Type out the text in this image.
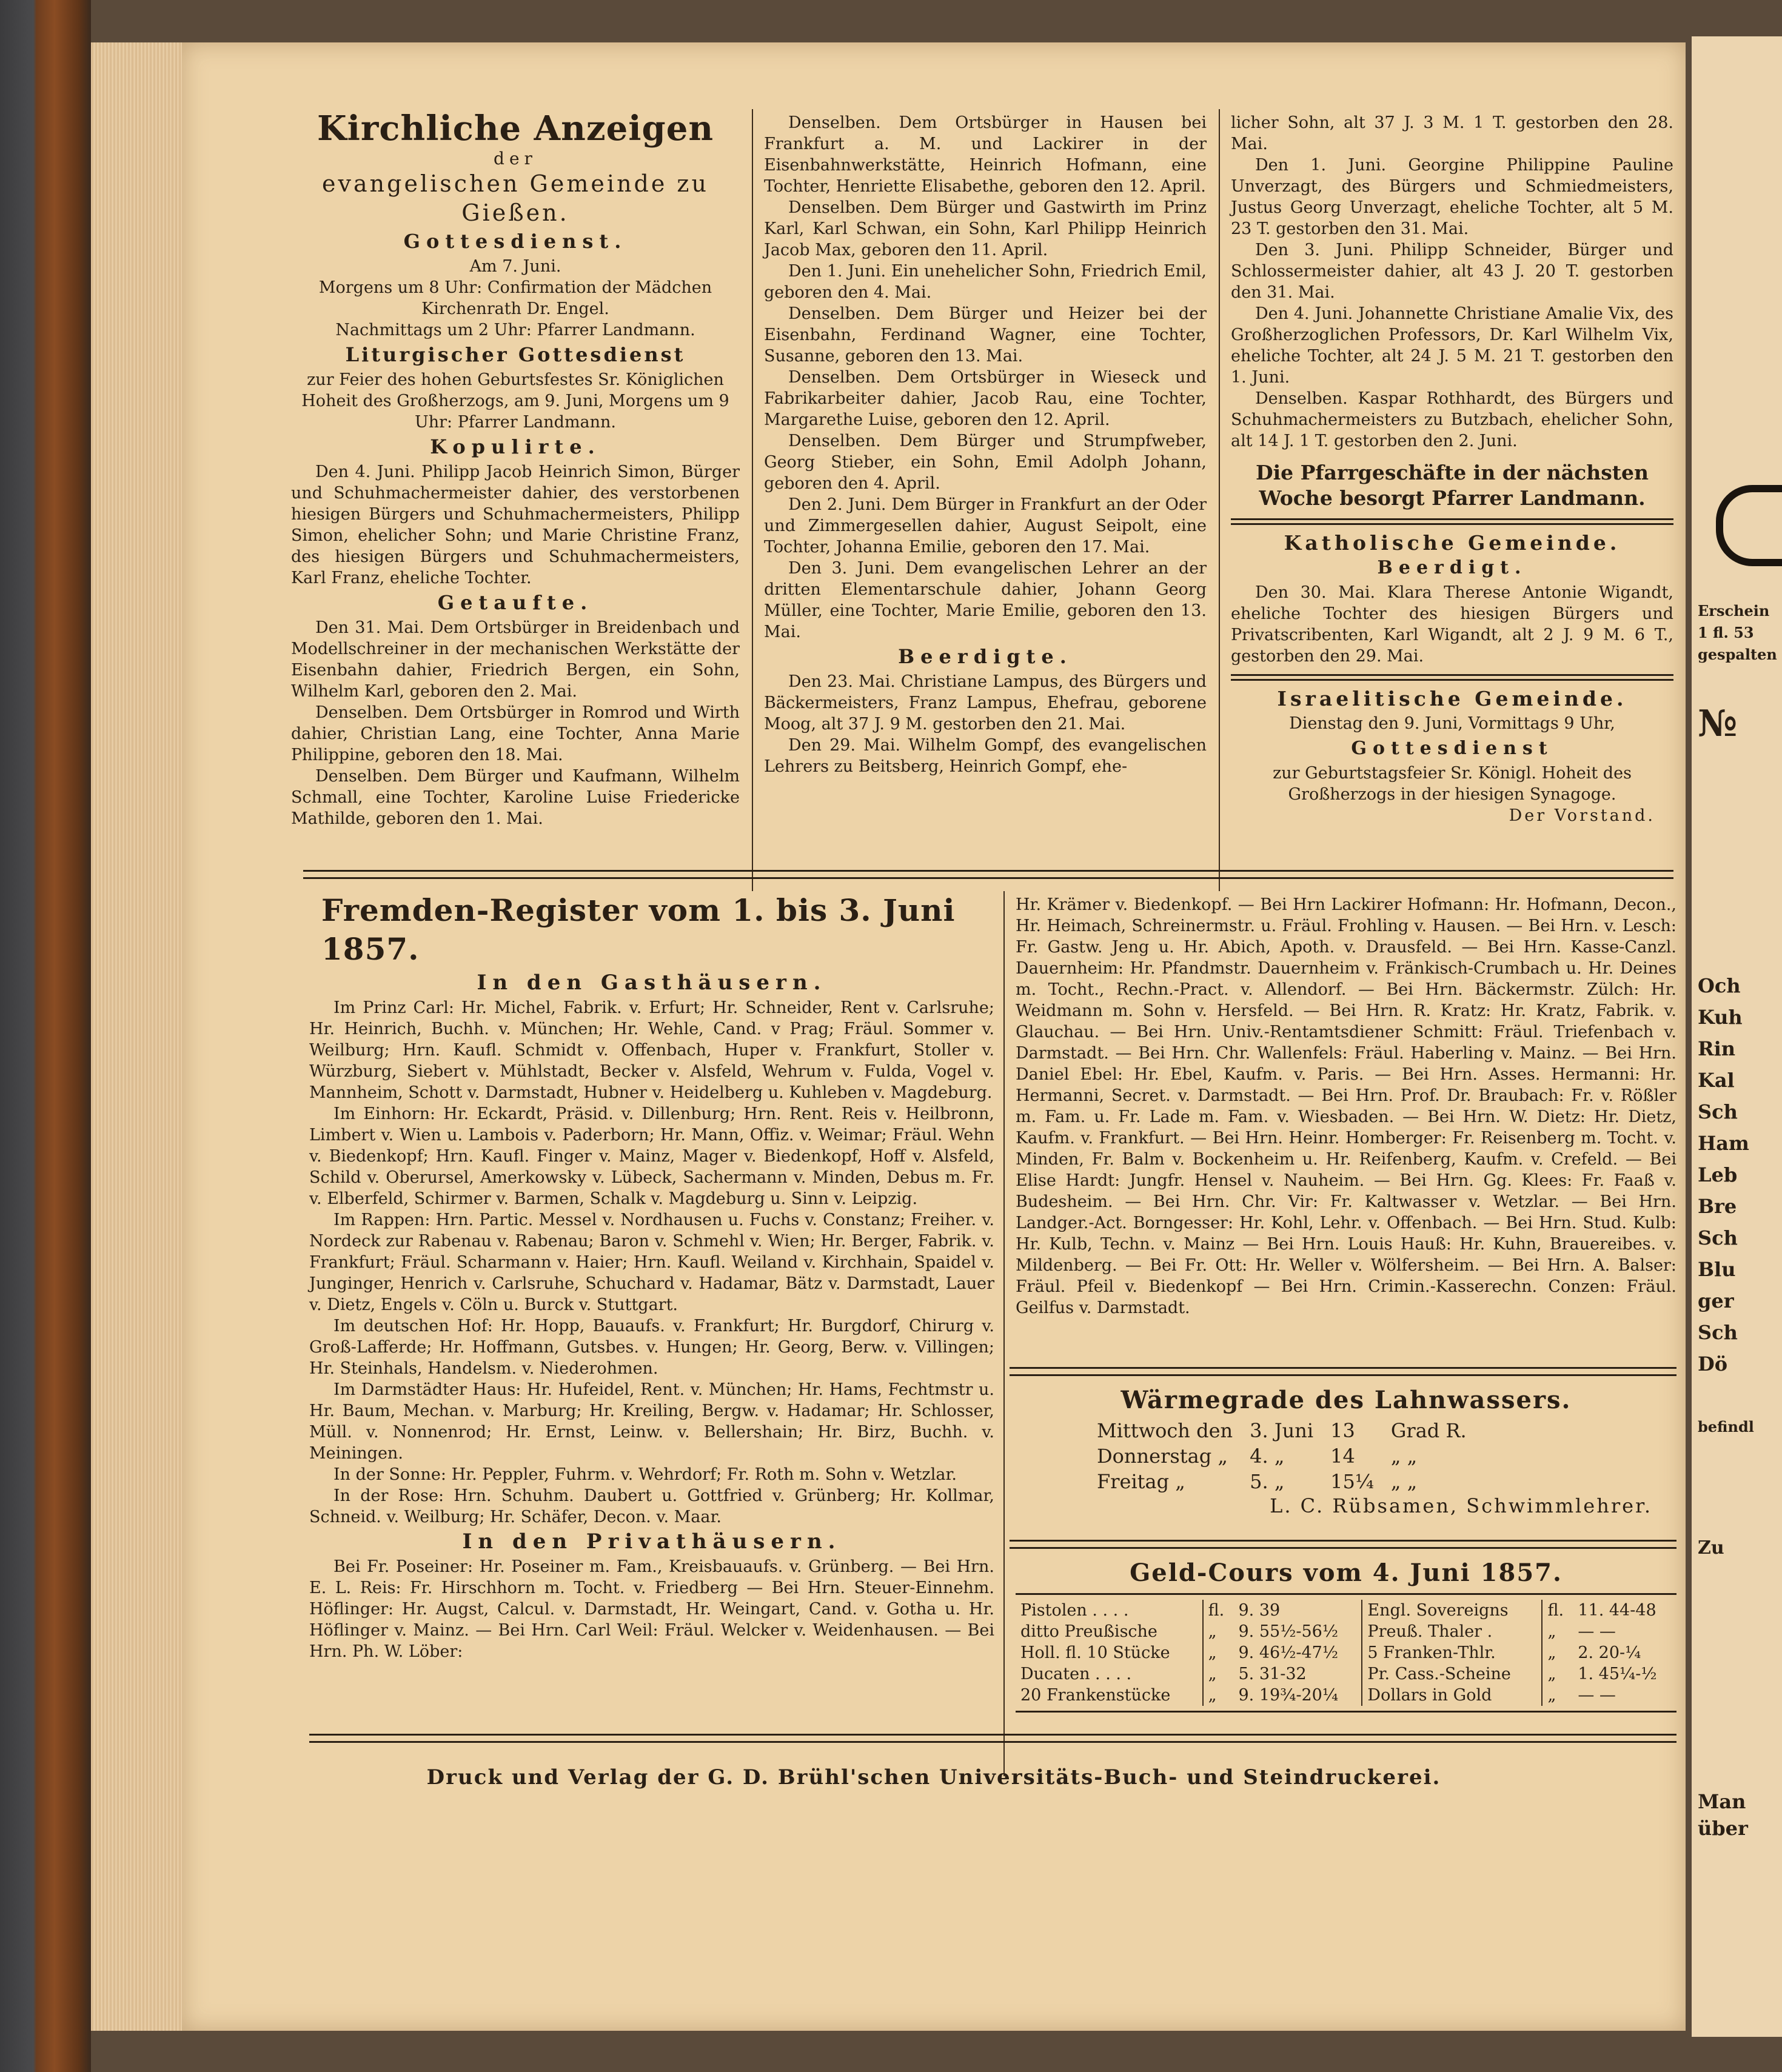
Kirchliche Anzeigen
der
evangelischen Gemeinde zu Gießen.
Gottesdienst.
Am 7. Juni.
Morgens um 8 Uhr: Confirmation der Mädchen Kirchenrath Dr. Engel.
Nachmittags um 2 Uhr: Pfarrer Landmann.
Liturgischer Gottesdienst
zur Feier des hohen Geburtsfestes Sr. Königlichen Hoheit des Großherzogs, am 9. Juni, Morgens um 9 Uhr: Pfarrer Landmann.
Kopulirte.

Den 4. Juni. Philipp Jacob Heinrich Simon, Bürger und Schuhmachermeister dahier, des verstorbenen hiesigen Bürgers und Schuhmachermeisters, Philipp Simon, ehelicher Sohn; und Marie Christine Franz, des hiesigen Bürgers und Schuhmachermeisters, Karl Franz, eheliche Tochter.

Getaufte.

Den 31. Mai. Dem Ortsbürger in Breidenbach und Modellschreiner in der mechanischen Werkstätte der Eisenbahn dahier, Friedrich Bergen, ein Sohn, Wilhelm Karl, geboren den 2. Mai.

Denselben. Dem Ortsbürger in Romrod und Wirth dahier, Christian Lang, eine Tochter, Anna Marie Philippine, geboren den 18. Mai.

Denselben. Dem Bürger und Kaufmann, Wilhelm Schmall, eine Tochter, Karoline Luise Friedericke Mathilde, geboren den 1. Mai.

Denselben. Dem Ortsbürger in Hausen bei Frankfurt a. M. und Lackirer in der Eisenbahnwerkstätte, Heinrich Hofmann, eine Tochter, Henriette Elisabethe, geboren den 12. April.

Denselben. Dem Bürger und Gastwirth im Prinz Karl, Karl Schwan, ein Sohn, Karl Philipp Heinrich Jacob Max, geboren den 11. April.

Den 1. Juni. Ein unehelicher Sohn, Friedrich Emil, geboren den 4. Mai.

Denselben. Dem Bürger und Heizer bei der Eisenbahn, Ferdinand Wagner, eine Tochter, Susanne, geboren den 13. Mai.

Denselben. Dem Ortsbürger in Wieseck und Fabrikarbeiter dahier, Jacob Rau, eine Tochter, Margarethe Luise, geboren den 12. April.

Denselben. Dem Bürger und Strumpfweber, Georg Stieber, ein Sohn, Emil Adolph Johann, geboren den 4. April.

Den 2. Juni. Dem Bürger in Frankfurt an der Oder und Zimmergesellen dahier, August Seipolt, eine Tochter, Johanna Emilie, geboren den 17. Mai.

Den 3. Juni. Dem evangelischen Lehrer an der dritten Elementarschule dahier, Johann Georg Müller, eine Tochter, Marie Emilie, geboren den 13. Mai.

Beerdigte.

Den 23. Mai. Christiane Lampus, des Bürgers und Bäckermeisters, Franz Lampus, Ehefrau, geborene Moog, alt 37 J. 9 M. gestorben den 21. Mai.

Den 29. Mai. Wilhelm Gompf, des evangelischen Lehrers zu Beitsberg, Heinrich Gompf, ehe-

licher Sohn, alt 37 J. 3 M. 1 T. gestorben den 28. Mai.

Den 1. Juni. Georgine Philippine Pauline Unverzagt, des Bürgers und Schmiedmeisters, Justus Georg Unverzagt, eheliche Tochter, alt 5 M. 23 T. gestorben den 31. Mai.

Den 3. Juni. Philipp Schneider, Bürger und Schlossermeister dahier, alt 43 J. 20 T. gestorben den 31. Mai.

Den 4. Juni. Johannette Christiane Amalie Vix, des Großherzoglichen Professors, Dr. Karl Wilhelm Vix, eheliche Tochter, alt 24 J. 5 M. 21 T. gestorben den 1. Juni.

Denselben. Kaspar Rothhardt, des Bürgers und Schuhmachermeisters zu Butzbach, ehelicher Sohn, alt 14 J. 1 T. gestorben den 2. Juni.

Die Pfarrgeschäfte in der nächsten Woche besorgt Pfarrer Landmann.
Katholische Gemeinde.
Beerdigt.

Den 30. Mai. Klara Therese Antonie Wigandt, eheliche Tochter des hiesigen Bürgers und Privatscribenten, Karl Wigandt, alt 2 J. 9 M. 6 T., gestorben den 29. Mai.

Israelitische Gemeinde.
Dienstag den 9. Juni, Vormittags 9 Uhr,
Gottesdienst
zur Geburtstagsfeier Sr. Königl. Hoheit des Großherzogs in der hiesigen Synagoge.
Der Vorstand.
Fremden-Register vom 1. bis 3. Juni 1857.
In den Gasthäusern.

Im Prinz Carl: Hr. Michel, Fabrik. v. Erfurt; Hr. Schneider, Rent v. Carlsruhe; Hr. Heinrich, Buchh. v. München; Hr. Wehle, Cand. v Prag; Fräul. Sommer v. Weilburg; Hrn. Kaufl. Schmidt v. Offenbach, Huper v. Frankfurt, Stoller v. Würzburg, Siebert v. Mühlstadt, Becker v. Alsfeld, Wehrum v. Fulda, Vogel v. Mannheim, Schott v. Darmstadt, Hubner v. Heidelberg u. Kuhleben v. Magdeburg.

Im Einhorn: Hr. Eckardt, Präsid. v. Dillenburg; Hrn. Rent. Reis v. Heilbronn, Limbert v. Wien u. Lambois v. Paderborn; Hr. Mann, Offiz. v. Weimar; Fräul. Wehn v. Biedenkopf; Hrn. Kaufl. Finger v. Mainz, Mager v. Biedenkopf, Hoff v. Alsfeld, Schild v. Oberursel, Amerkowsky v. Lübeck, Sachermann v. Minden, Debus m. Fr. v. Elberfeld, Schirmer v. Barmen, Schalk v. Magdeburg u. Sinn v. Leipzig.

Im Rappen: Hrn. Partic. Messel v. Nordhausen u. Fuchs v. Constanz; Freiher. v. Nordeck zur Rabenau v. Rabenau; Baron v. Schmehl v. Wien; Hr. Berger, Fabrik. v. Frankfurt; Fräul. Scharmann v. Haier; Hrn. Kaufl. Weiland v. Kirchhain, Spaidel v. Junginger, Henrich v. Carlsruhe, Schuchard v. Hadamar, Bätz v. Darmstadt, Lauer v. Dietz, Engels v. Cöln u. Burck v. Stuttgart.

Im deutschen Hof: Hr. Hopp, Bauaufs. v. Frankfurt; Hr. Burgdorf, Chirurg v. Groß-Lafferde; Hr. Hoffmann, Gutsbes. v. Hungen; Hr. Georg, Berw. v. Villingen; Hr. Steinhals, Handelsm. v. Niederohmen.

Im Darmstädter Haus: Hr. Hufeidel, Rent. v. München; Hr. Hams, Fechtmstr u. Hr. Baum, Mechan. v. Marburg; Hr. Kreiling, Bergw. v. Hadamar; Hr. Schlosser, Müll. v. Nonnenrod; Hr. Ernst, Leinw. v. Bellershain; Hr. Birz, Buchh. v. Meiningen.

In der Sonne: Hr. Peppler, Fuhrm. v. Wehrdorf; Fr. Roth m. Sohn v. Wetzlar.

In der Rose: Hrn. Schuhm. Daubert u. Gottfried v. Grünberg; Hr. Kollmar, Schneid. v. Weilburg; Hr. Schäfer, Decon. v. Maar.

In den Privathäusern.

Bei Fr. Poseiner: Hr. Poseiner m. Fam., Kreisbauaufs. v. Grünberg. — Bei Hrn. E. L. Reis: Fr. Hirschhorn m. Tocht. v. Friedberg — Bei Hrn. Steuer-Einnehm. Höflinger: Hr. Augst, Calcul. v. Darmstadt, Hr. Weingart, Cand. v. Gotha u. Hr. Höflinger v. Mainz. — Bei Hrn. Carl Weil: Fräul. Welcker v. Weidenhausen. — Bei Hrn. Ph. W. Löber:

Hr. Krämer v. Biedenkopf. — Bei Hrn Lackirer Hofmann: Hr. Hofmann, Decon., Hr. Heimach, Schreinermstr. u. Fräul. Frohling v. Hausen. — Bei Hrn. v. Lesch: Fr. Gastw. Jeng u. Hr. Abich, Apoth. v. Drausfeld. — Bei Hrn. Kasse-Canzl. Dauernheim: Hr. Pfandmstr. Dauernheim v. Fränkisch-Crumbach u. Hr. Deines m. Tocht., Rechn.-Pract. v. Allendorf. — Bei Hrn. Bäckermstr. Zülch: Hr. Weidmann m. Sohn v. Hersfeld. — Bei Hrn. R. Kratz: Hr. Kratz, Fabrik. v. Glauchau. — Bei Hrn. Univ.-Rentamtsdiener Schmitt: Fräul. Triefenbach v. Darmstadt. — Bei Hrn. Chr. Wallenfels: Fräul. Haberling v. Mainz. — Bei Hrn. Daniel Ebel: Hr. Ebel, Kaufm. v. Paris. — Bei Hrn. Asses. Hermanni: Hr. Hermanni, Secret. v. Darmstadt. — Bei Hrn. Prof. Dr. Braubach: Fr. v. Rößler m. Fam. u. Fr. Lade m. Fam. v. Wiesbaden. — Bei Hrn. W. Dietz: Hr. Dietz, Kaufm. v. Frankfurt. — Bei Hrn. Heinr. Homberger: Fr. Reisenberg m. Tocht. v. Minden, Fr. Balm v. Bockenheim u. Hr. Reifenberg, Kaufm. v. Crefeld. — Bei Elise Hardt: Jungfr. Hensel v. Nauheim. — Bei Hrn. Gg. Klees: Fr. Faaß v. Budesheim. — Bei Hrn. Chr. Vir: Fr. Kaltwasser v. Wetzlar. — Bei Hrn. Landger.-Act. Borngesser: Hr. Kohl, Lehr. v. Offenbach. — Bei Hrn. Stud. Kulb: Hr. Kulb, Techn. v. Mainz — Bei Hrn. Louis Hauß: Hr. Kuhn, Brauereibes. v. Mildenberg. — Bei Fr. Ott: Hr. Weller v. Wölfersheim. — Bei Hrn. A. Balser: Fräul. Pfeil v. Biedenkopf — Bei Hrn. Crimin.-Kasserechn. Conzen: Fräul. Geilfus v. Darmstadt.

Wärmegrade des Lahnwassers.
Mittwoch den	3. Juni	13	Grad R.
Donnerstag „	4. „	14	„ „
Freitag „	5. „	15¼	„ „
L. C. Rübsamen, Schwimmlehrer.
Geld-Cours vom 4. Juni 1857.
Pistolen . . . .	fl.	9. 39	Engl. Sovereigns	fl.	11. 44-48
ditto Preußische	„	9. 55½-56½	Preuß. Thaler .	„	— —
Holl. fl. 10 Stücke	„	9. 46½-47½	5 Franken-Thlr.	„	2. 20-¼
Ducaten . . . .	„	5. 31-32	Pr. Cass.-Scheine	„	1. 45¼-½
20 Frankenstücke	„	9. 19¾-20¼	Dollars in Gold	„	— —
Druck und Verlag der G. D. Brühl'schen Universitäts-Buch- und Steindruckerei.
Erschein
1 fl. 53
gespalten
№
Och
Kuh
Rin
Kal
Sch
Ham
Leb
Bre
Sch
Blu
ger
Sch
Dö
befindl
Zu
Man
über
